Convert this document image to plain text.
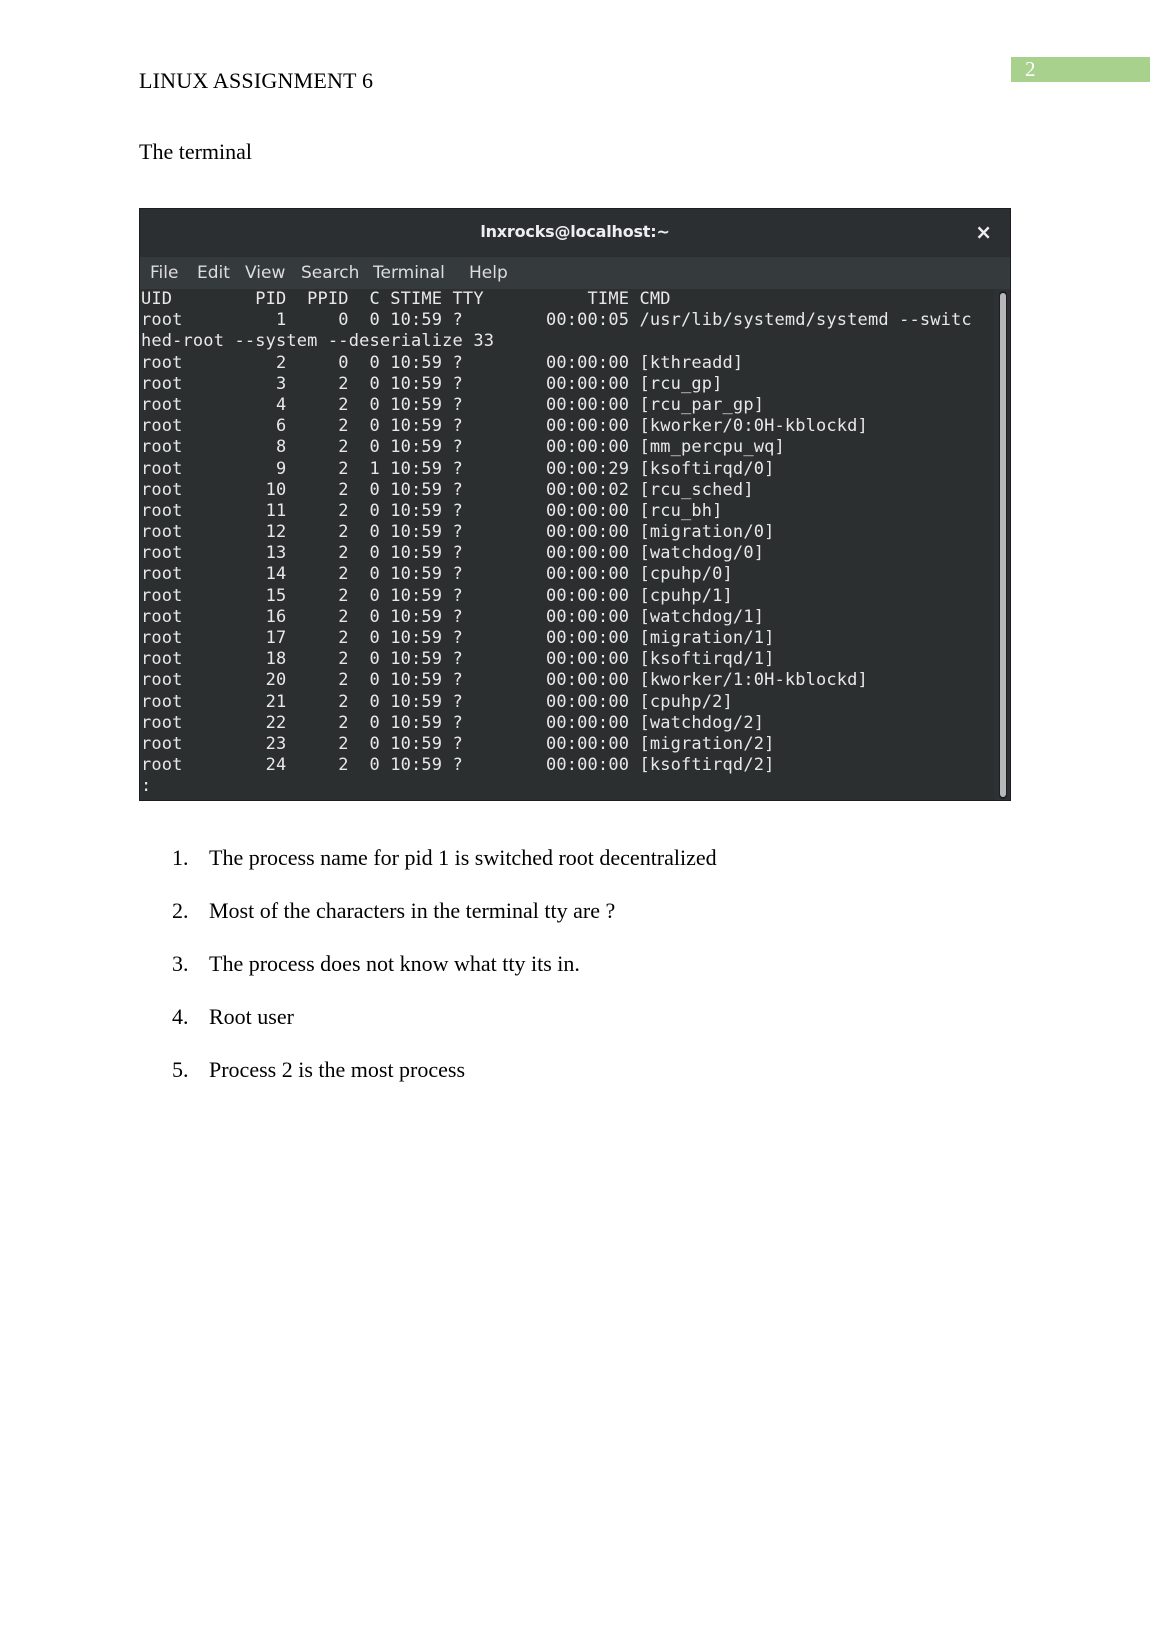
2
LINUX ASSIGNMENT 6
The terminal
lnxrocks@localhost:~	×
File Edit View Search Terminal Help
UID        PID  PPID  C STIME TTY          TIME CMD
root         1     0  0 10:59 ?        00:00:05 /usr/lib/systemd/systemd --switc
hed-root --system --deserialize 33
root         2     0  0 10:59 ?        00:00:00 [kthreadd]
root         3     2  0 10:59 ?        00:00:00 [rcu_gp]
root         4     2  0 10:59 ?        00:00:00 [rcu_par_gp]
root         6     2  0 10:59 ?        00:00:00 [kworker/0:0H-kblockd]
root         8     2  0 10:59 ?        00:00:00 [mm_percpu_wq]
root         9     2  1 10:59 ?        00:00:29 [ksoftirqd/0]
root        10     2  0 10:59 ?        00:00:02 [rcu_sched]
root        11     2  0 10:59 ?        00:00:00 [rcu_bh]
root        12     2  0 10:59 ?        00:00:00 [migration/0]
root        13     2  0 10:59 ?        00:00:00 [watchdog/0]
root        14     2  0 10:59 ?        00:00:00 [cpuhp/0]
root        15     2  0 10:59 ?        00:00:00 [cpuhp/1]
root        16     2  0 10:59 ?        00:00:00 [watchdog/1]
root        17     2  0 10:59 ?        00:00:00 [migration/1]
root        18     2  0 10:59 ?        00:00:00 [ksoftirqd/1]
root        20     2  0 10:59 ?        00:00:00 [kworker/1:0H-kblockd]
root        21     2  0 10:59 ?        00:00:00 [cpuhp/2]
root        22     2  0 10:59 ?        00:00:00 [watchdog/2]
root        23     2  0 10:59 ?        00:00:00 [migration/2]
root        24     2  0 10:59 ?        00:00:00 [ksoftirqd/2]
:
1. The process name for pid 1 is switched root decentralized
2. Most of the characters in the terminal tty are ?
3. The process does not know what tty its in.
4. Root user
5. Process 2 is the most process
